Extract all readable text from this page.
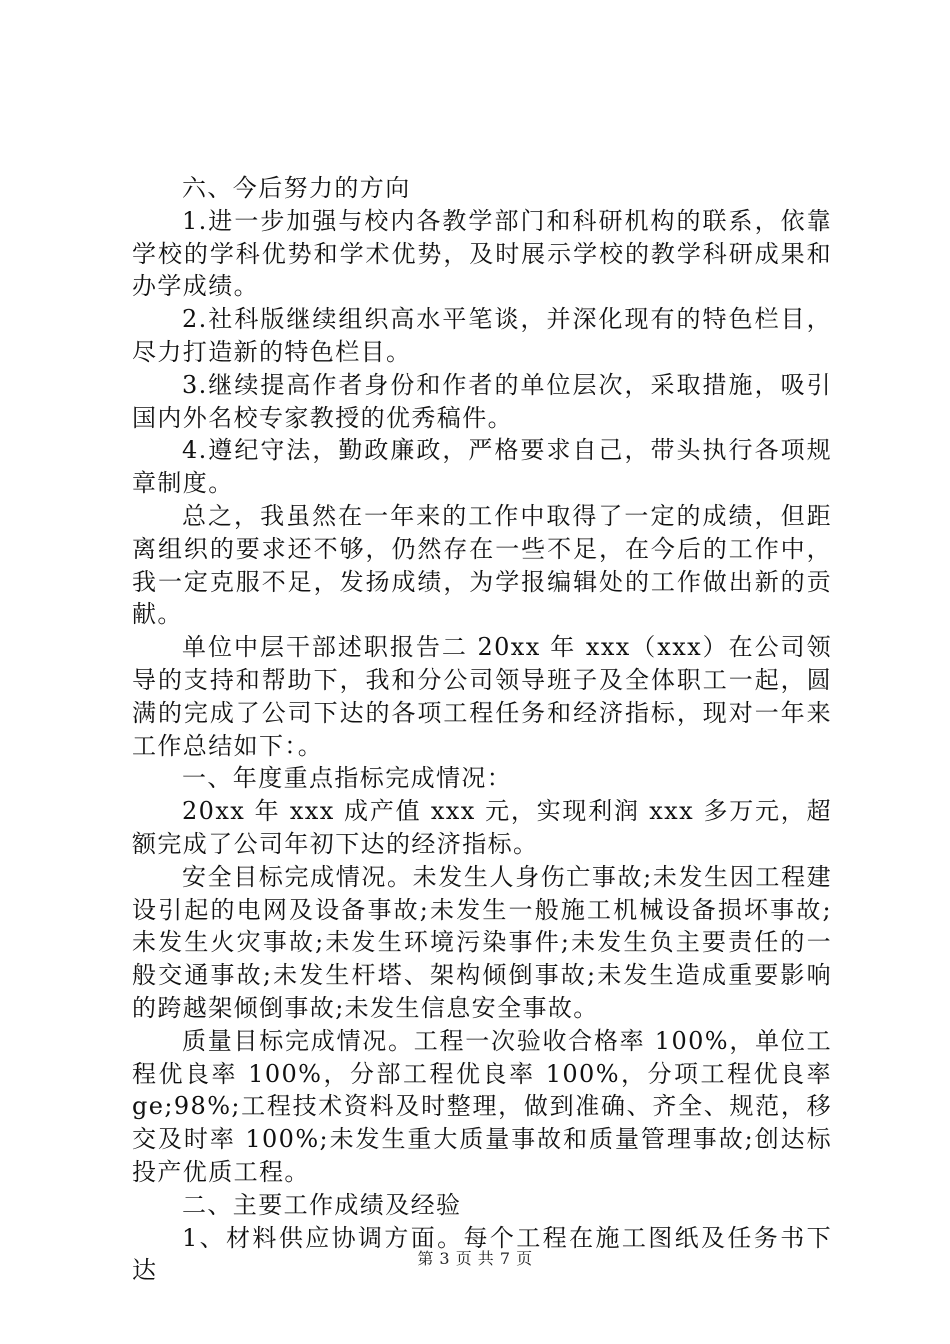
六、今后努力的方向

1.进一步加强与校内各教学部门和科研机构的联系，依靠学校的学科优势和学术优势，及时展示学校的教学科研成果和办学成绩。

2.社科版继续组织高水平笔谈，并深化现有的特色栏目，尽力打造新的特色栏目。

3.继续提高作者身份和作者的单位层次，采取措施，吸引国内外名校专家教授的优秀稿件。

4.遵纪守法，勤政廉政，严格要求自己，带头执行各项规章制度。

总之，我虽然在一年来的工作中取得了一定的成绩，但距离组织的要求还不够，仍然存在一些不足，在今后的工作中，我一定克服不足，发扬成绩，为学报编辑处的工作做出新的贡献。

单位中层干部述职报告二 20xx 年 xxx（xxx）在公司领导的支持和帮助下，我和分公司领导班子及全体职工一起，圆满的完成了公司下达的各项工程任务和经济指标，现对一年来工作总结如下：。

一、年度重点指标完成情况：

20xx 年 xxx 成产值 xxx 元，实现利润 xxx 多万元，超额完成了公司年初下达的经济指标。

安全目标完成情况。未发生人身伤亡事故;未发生因工程建设引起的电网及设备事故;未发生一般施工机械设备损坏事故;未发生火灾事故;未发生环境污染事件;未发生负主要责任的一般交通事故;未发生杆塔、架构倾倒事故;未发生造成重要影响的跨越架倾倒事故;未发生信息安全事故。

质量目标完成情况。工程一次验收合格率 100%，单位工程优良率 100%，分部工程优良率 100%，分项工程优良率 ge;98%;工程技术资料及时整理，做到准确、齐全、规范，移交及时率 100%;未发生重大质量事故和质量管理事故;创达标投产优质工程。

二、主要工作成绩及经验

1、材料供应协调方面。每个工程在施工图纸及任务书下达	第 3 页 共 7 页
